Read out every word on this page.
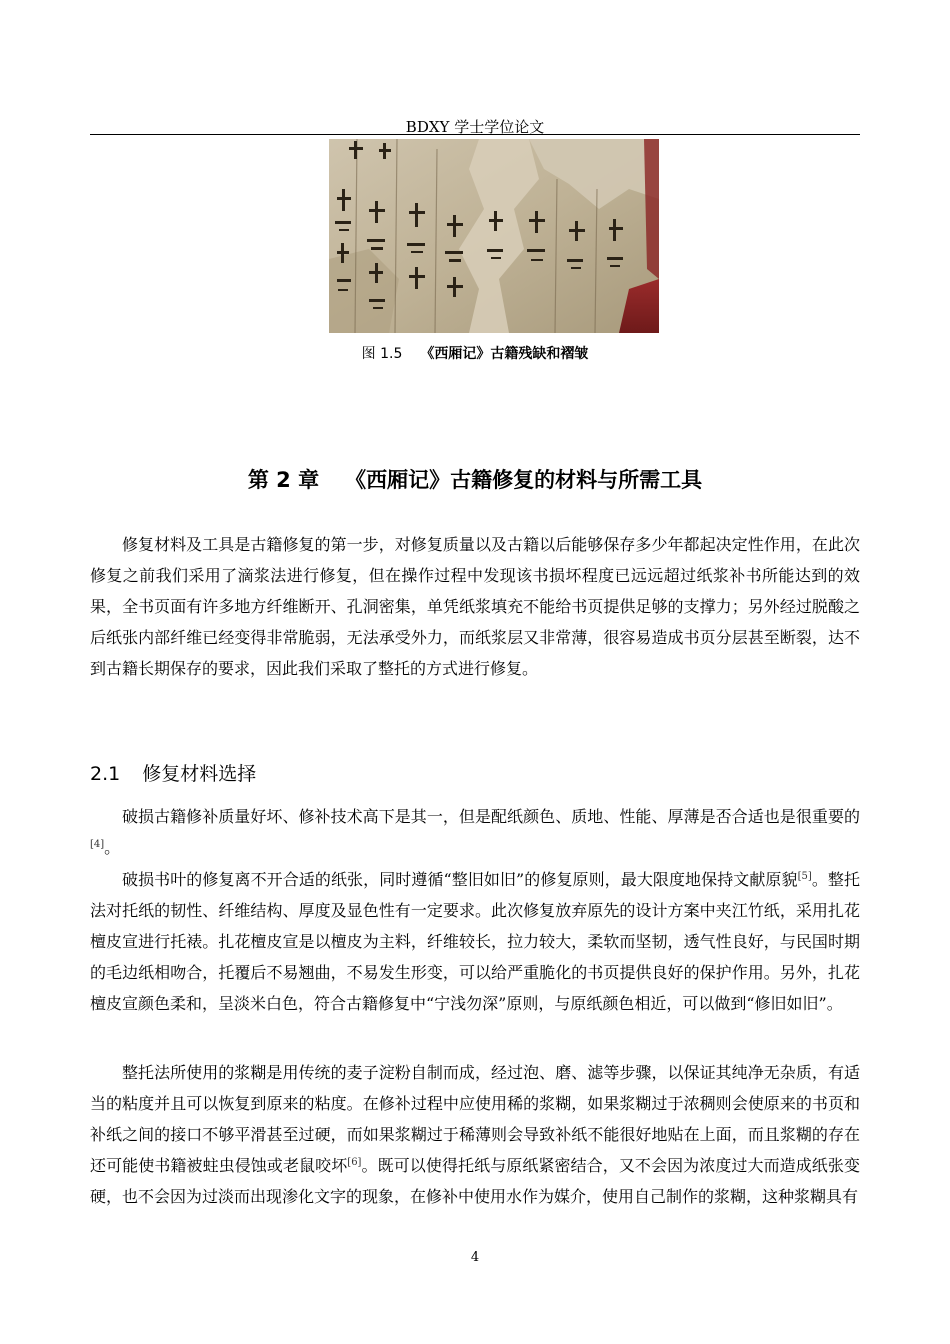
BDXY 学士学位论文
图 1.5 《西厢记》古籍残缺和褶皱
第 2 章 《西厢记》古籍修复的材料与所需工具

修复材料及工具是古籍修复的第一步，对修复质量以及古籍以后能够保存多少年都起决定性作用，在此次修复之前我们采用了滴浆法进行修复，但在操作过程中发现该书损坏程度已远远超过纸浆补书所能达到的效果，全书页面有许多地方纤维断开、孔洞密集，单凭纸浆填充不能给书页提供足够的支撑力；另外经过脱酸之后纸张内部纤维已经变得非常脆弱，无法承受外力，而纸浆层又非常薄，很容易造成书页分层甚至断裂，达不到古籍长期保存的要求，因此我们采取了整托的方式进行修复。

2.1 修复材料选择

破损古籍修补质量好坏、修补技术高下是其一，但是配纸颜色、质地、性能、厚薄是否合适也是很重要的[4]。

破损书叶的修复离不开合适的纸张，同时遵循“整旧如旧”的修复原则，最大限度地保持文献原貌[5]。整托法对托纸的韧性、纤维结构、厚度及显色性有一定要求。此次修复放弃原先的设计方案中夹江竹纸，采用扎花檀皮宣进行托裱。扎花檀皮宣是以檀皮为主料，纤维较长，拉力较大，柔软而坚韧，透气性良好，与民国时期的毛边纸相吻合，托覆后不易翘曲，不易发生形变，可以给严重脆化的书页提供良好的保护作用。另外，扎花檀皮宣颜色柔和，呈淡米白色，符合古籍修复中“宁浅勿深”原则，与原纸颜色相近，可以做到“修旧如旧”。

整托法所使用的浆糊是用传统的麦子淀粉自制而成，经过泡、磨、滤等步骤，以保证其纯净无杂质，有适当的粘度并且可以恢复到原来的粘度。在修补过程中应使用稀的浆糊，如果浆糊过于浓稠则会使原来的书页和补纸之间的接口不够平滑甚至过硬，而如果浆糊过于稀薄则会导致补纸不能很好地贴在上面，而且浆糊的存在还可能使书籍被蛀虫侵蚀或老鼠咬坏[6]。既可以使得托纸与原纸紧密结合，又不会因为浓度过大而造成纸张变硬，也不会因为过淡而出现渗化文字的现象，在修补中使用水作为媒介，使用自己制作的浆糊，这种浆糊具有

4
